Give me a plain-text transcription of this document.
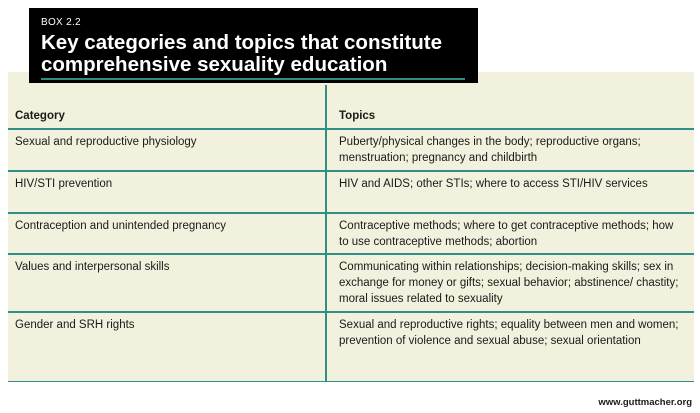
BOX 2.2
Key categories and topics that constitute comprehensive sexuality education
Category	Topics
Sexual and reproductive physiology	Puberty/physical changes in the body; reproductive organs; menstruation; pregnancy and childbirth
HIV/STI prevention	HIV and AIDS; other STIs; where to access STI/HIV services
Contraception and unintended pregnancy	Contraceptive methods; where to get contraceptive methods; how to use contraceptive methods; abortion
Values and interpersonal skills	Communicating within relationships; decision-making skills; sex in exchange for money or gifts; sexual behavior; abstinence/ chastity; moral issues related to sexuality
Gender and SRH rights	Sexual and reproductive rights; equality between men and women; prevention of violence and sexual abuse; sexual orientation
www.guttmacher.org
